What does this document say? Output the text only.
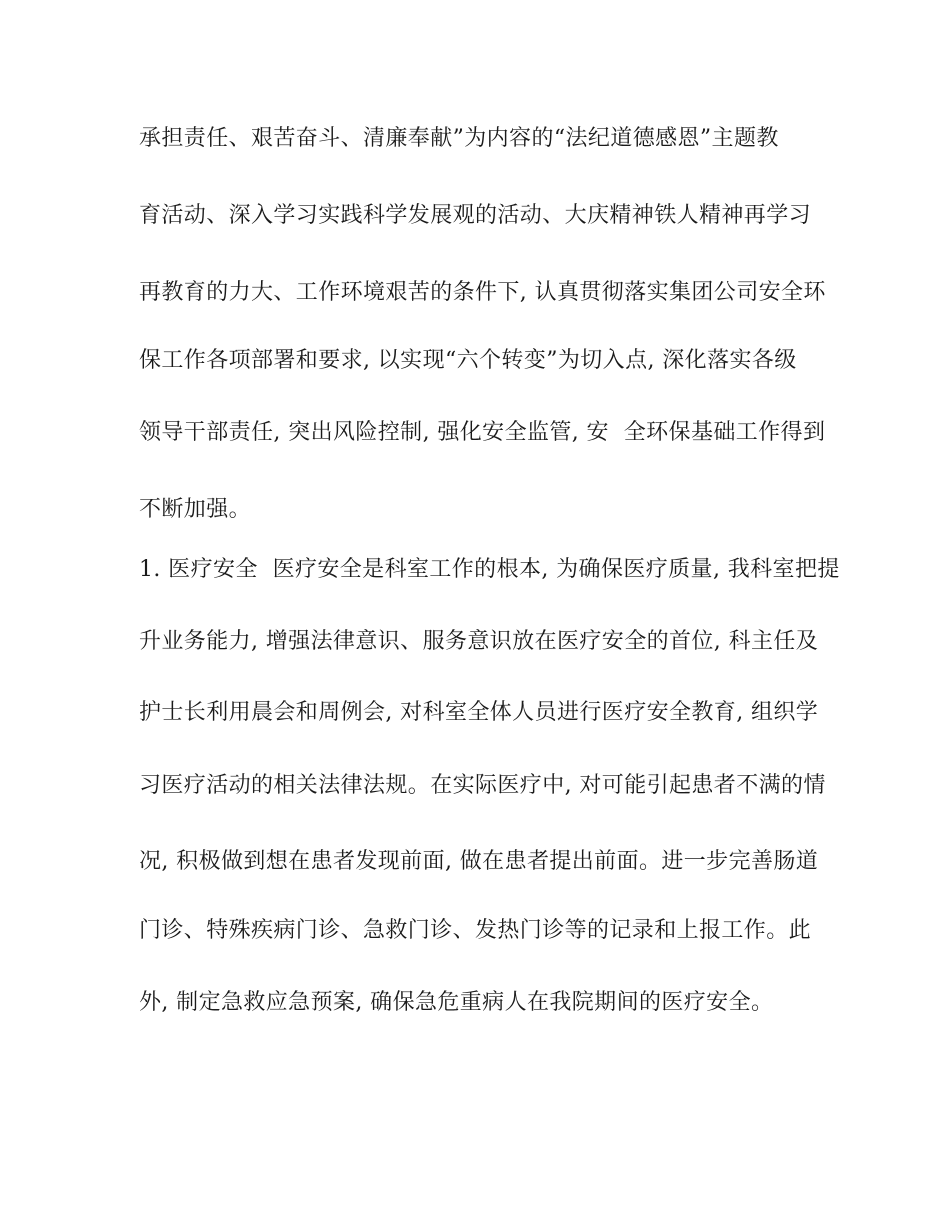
承担责任、艰苦奋斗、清廉奉献”为内容的“法纪道德感恩”主题教
育活动、深入学习实践科学发展观的活动、大庆精神铁人精神再学习
再教育的力大、工作环境艰苦的条件下, 认真贯彻落实集团公司安全环
保工作各项部署和要求, 以实现“六个转变”为切入点, 深化落实各级
领导干部责任, 突出风险控制, 强化安全监管, 安  全环保基础工作得到
不断加强。
1. 医疗安全  医疗安全是科室工作的根本, 为确保医疗质量, 我科室把提
升业务能力, 增强法律意识、服务意识放在医疗安全的首位, 科主任及
护士长利用晨会和周例会, 对科室全体人员进行医疗安全教育, 组织学
习医疗活动的相关法律法规。在实际医疗中, 对可能引起患者不满的情
况, 积极做到想在患者发现前面, 做在患者提出前面。进一步完善肠道
门诊、特殊疾病门诊、急救门诊、发热门诊等的记录和上报工作。此
外, 制定急救应急预案, 确保急危重病人在我院期间的医疗安全。
